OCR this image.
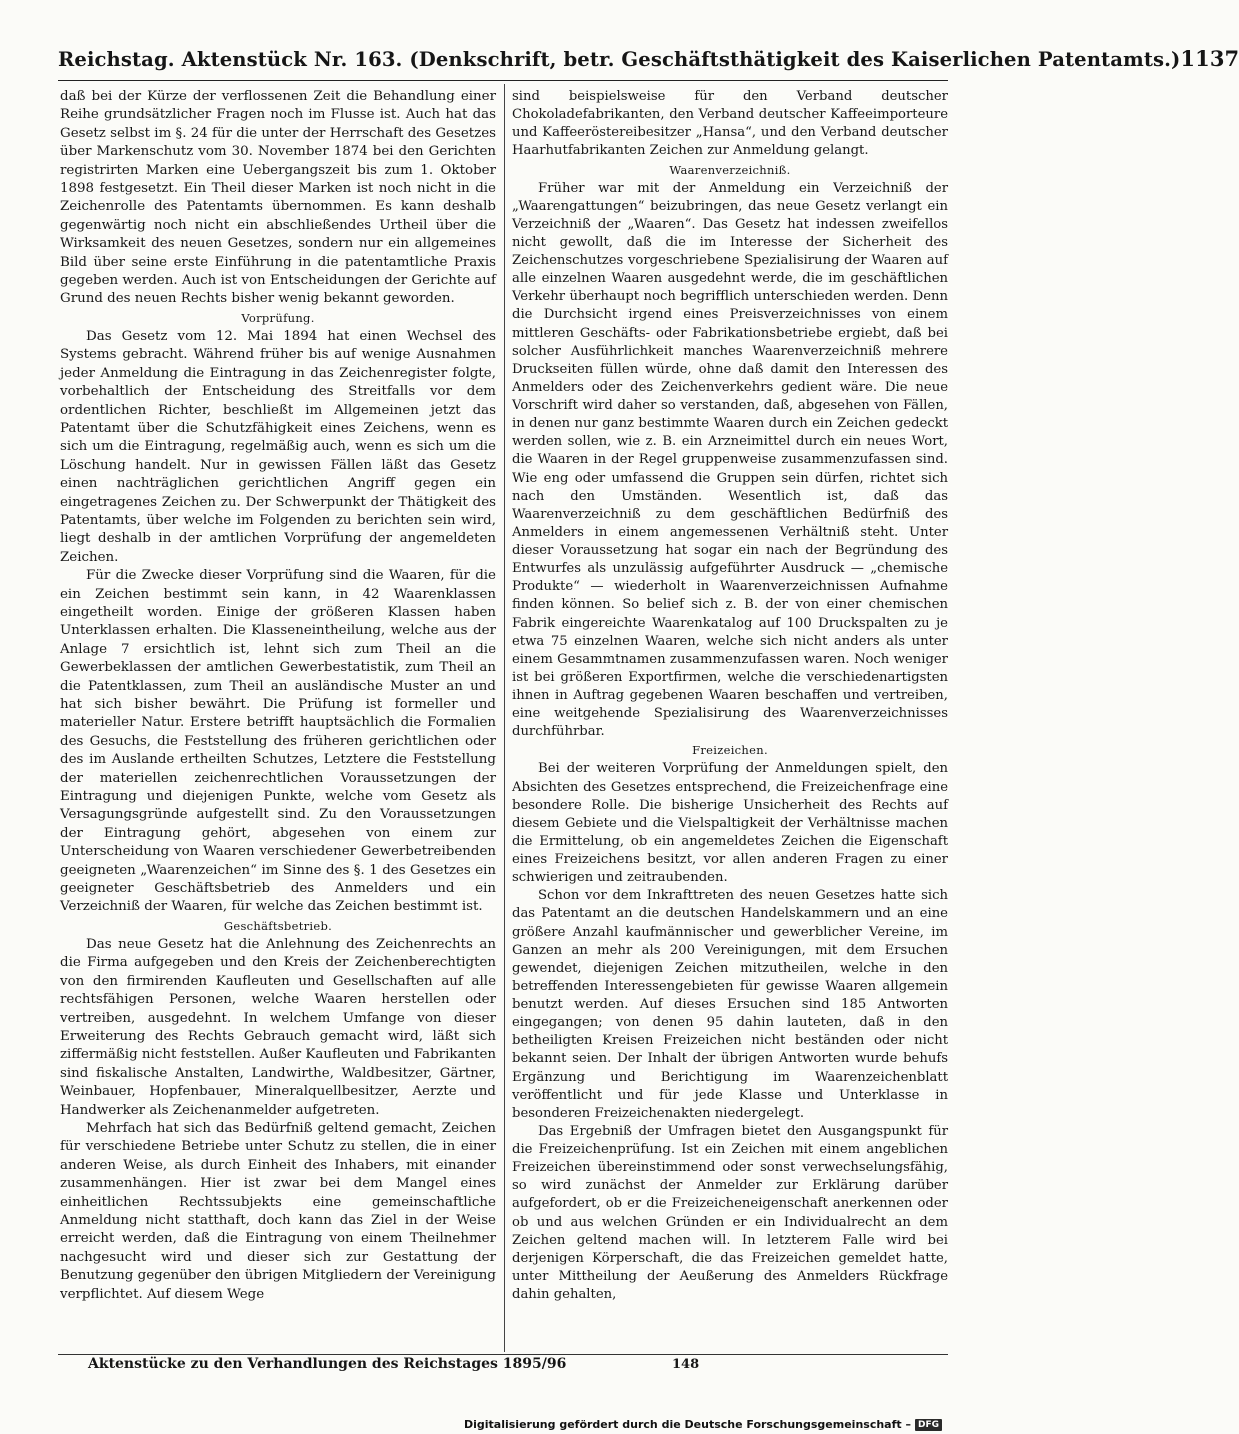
Reichstag. Aktenstück Nr. 163. (Denkschrift, betr. Geschäftsthätigkeit des Kaiserlichen Patentamts.) 1137

daß bei der Kürze der verflossenen Zeit die Behandlung einer Reihe grundsätzlicher Fragen noch im Flusse ist. Auch hat das Gesetz selbst im §. 24 für die unter der Herrschaft des Gesetzes über Markenschutz vom 30. November 1874 bei den Gerichten registrirten Marken eine Uebergangszeit bis zum 1. Oktober 1898 festgesetzt. Ein Theil dieser Marken ist noch nicht in die Zeichenrolle des Patentamts übernommen. Es kann deshalb gegenwärtig noch nicht ein abschließendes Urtheil über die Wirksamkeit des neuen Gesetzes, sondern nur ein allgemeines Bild über seine erste Einführung in die patentamtliche Praxis gegeben werden. Auch ist von Entscheidungen der Gerichte auf Grund des neuen Rechts bisher wenig bekannt geworden.

Vorprüfung.

Das Gesetz vom 12. Mai 1894 hat einen Wechsel des Systems gebracht. Während früher bis auf wenige Ausnahmen jeder Anmeldung die Eintragung in das Zeichenregister folgte, vorbehaltlich der Entscheidung des Streitfalls vor dem ordentlichen Richter, beschließt im Allgemeinen jetzt das Patentamt über die Schutzfähigkeit eines Zeichens, wenn es sich um die Eintragung, regelmäßig auch, wenn es sich um die Löschung handelt. Nur in gewissen Fällen läßt das Gesetz einen nachträglichen gerichtlichen Angriff gegen ein eingetragenes Zeichen zu. Der Schwerpunkt der Thätigkeit des Patentamts, über welche im Folgenden zu berichten sein wird, liegt deshalb in der amtlichen Vorprüfung der angemeldeten Zeichen.

Für die Zwecke dieser Vorprüfung sind die Waaren, für die ein Zeichen bestimmt sein kann, in 42 Waarenklassen eingetheilt worden. Einige der größeren Klassen haben Unterklassen erhalten. Die Klasseneintheilung, welche aus der Anlage 7 ersichtlich ist, lehnt sich zum Theil an die Gewerbeklassen der amtlichen Gewerbestatistik, zum Theil an die Patentklassen, zum Theil an ausländische Muster an und hat sich bisher bewährt. Die Prüfung ist formeller und materieller Natur. Erstere betrifft hauptsächlich die Formalien des Gesuchs, die Feststellung des früheren gerichtlichen oder des im Auslande ertheilten Schutzes, Letztere die Feststellung der materiellen zeichenrechtlichen Voraussetzungen der Eintragung und diejenigen Punkte, welche vom Gesetz als Versagungsgründe aufgestellt sind. Zu den Voraussetzungen der Eintragung gehört, abgesehen von einem zur Unterscheidung von Waaren verschiedener Gewerbetreibenden geeigneten „Waarenzeichen“ im Sinne des §. 1 des Gesetzes ein geeigneter Geschäftsbetrieb des Anmelders und ein Verzeichniß der Waaren, für welche das Zeichen bestimmt ist.

Geschäftsbetrieb.

Das neue Gesetz hat die Anlehnung des Zeichenrechts an die Firma aufgegeben und den Kreis der Zeichenberechtigten von den firmirenden Kaufleuten und Gesellschaften auf alle rechtsfähigen Personen, welche Waaren herstellen oder vertreiben, ausgedehnt. In welchem Umfange von dieser Erweiterung des Rechts Gebrauch gemacht wird, läßt sich ziffermäßig nicht feststellen. Außer Kaufleuten und Fabrikanten sind fiskalische Anstalten, Landwirthe, Waldbesitzer, Gärtner, Weinbauer, Hopfenbauer, Mineralquellbesitzer, Aerzte und Handwerker als Zeichenanmelder aufgetreten.

Mehrfach hat sich das Bedürfniß geltend gemacht, Zeichen für verschiedene Betriebe unter Schutz zu stellen, die in einer anderen Weise, als durch Einheit des Inhabers, mit einander zusammenhängen. Hier ist zwar bei dem Mangel eines einheitlichen Rechtssubjekts eine gemeinschaftliche Anmeldung nicht statthaft, doch kann das Ziel in der Weise erreicht werden, daß die Eintragung von einem Theilnehmer nachgesucht wird und dieser sich zur Gestattung der Benutzung gegenüber den übrigen Mitgliedern der Vereinigung verpflichtet. Auf diesem Wege

sind beispielsweise für den Verband deutscher Chokoladefabrikanten, den Verband deutscher Kaffeeimporteure und Kaffeeröstereibesitzer „Hansa“, und den Verband deutscher Haarhutfabrikanten Zeichen zur Anmeldung gelangt.

Waarenverzeichniß.

Früher war mit der Anmeldung ein Verzeichniß der „Waarengattungen“ beizubringen, das neue Gesetz verlangt ein Verzeichniß der „Waaren“. Das Gesetz hat indessen zweifellos nicht gewollt, daß die im Interesse der Sicherheit des Zeichenschutzes vorgeschriebene Spezialisirung der Waaren auf alle einzelnen Waaren ausgedehnt werde, die im geschäftlichen Verkehr überhaupt noch begrifflich unterschieden werden. Denn die Durchsicht irgend eines Preisverzeichnisses von einem mittleren Geschäfts- oder Fabrikationsbetriebe ergiebt, daß bei solcher Ausführlichkeit manches Waarenverzeichniß mehrere Druckseiten füllen würde, ohne daß damit den Interessen des Anmelders oder des Zeichenverkehrs gedient wäre. Die neue Vorschrift wird daher so verstanden, daß, abgesehen von Fällen, in denen nur ganz bestimmte Waaren durch ein Zeichen gedeckt werden sollen, wie z. B. ein Arzneimittel durch ein neues Wort, die Waaren in der Regel gruppenweise zusammenzufassen sind. Wie eng oder umfassend die Gruppen sein dürfen, richtet sich nach den Umständen. Wesentlich ist, daß das Waarenverzeichniß zu dem geschäftlichen Bedürfniß des Anmelders in einem angemessenen Verhältniß steht. Unter dieser Voraussetzung hat sogar ein nach der Begründung des Entwurfes als unzulässig aufgeführter Ausdruck — „chemische Produkte“ — wiederholt in Waarenverzeichnissen Aufnahme finden können. So belief sich z. B. der von einer chemischen Fabrik eingereichte Waarenkatalog auf 100 Druckspalten zu je etwa 75 einzelnen Waaren, welche sich nicht anders als unter einem Gesammtnamen zusammenzufassen waren. Noch weniger ist bei größeren Exportfirmen, welche die verschiedenartigsten ihnen in Auftrag gegebenen Waaren beschaffen und vertreiben, eine weitgehende Spezialisirung des Waarenverzeichnisses durchführbar.

Freizeichen.

Bei der weiteren Vorprüfung der Anmeldungen spielt, den Absichten des Gesetzes entsprechend, die Freizeichenfrage eine besondere Rolle. Die bisherige Unsicherheit des Rechts auf diesem Gebiete und die Vielspaltigkeit der Verhältnisse machen die Ermittelung, ob ein angemeldetes Zeichen die Eigenschaft eines Freizeichens besitzt, vor allen anderen Fragen zu einer schwierigen und zeitraubenden.

Schon vor dem Inkrafttreten des neuen Gesetzes hatte sich das Patentamt an die deutschen Handelskammern und an eine größere Anzahl kaufmännischer und gewerblicher Vereine, im Ganzen an mehr als 200 Vereinigungen, mit dem Ersuchen gewendet, diejenigen Zeichen mitzutheilen, welche in den betreffenden Interessengebieten für gewisse Waaren allgemein benutzt werden. Auf dieses Ersuchen sind 185 Antworten eingegangen; von denen 95 dahin lauteten, daß in den betheiligten Kreisen Freizeichen nicht beständen oder nicht bekannt seien. Der Inhalt der übrigen Antworten wurde behufs Ergänzung und Berichtigung im Waarenzeichenblatt veröffentlicht und für jede Klasse und Unterklasse in besonderen Freizeichenakten niedergelegt.

Das Ergebniß der Umfragen bietet den Ausgangspunkt für die Freizeichenprüfung. Ist ein Zeichen mit einem angeblichen Freizeichen übereinstimmend oder sonst verwechselungsfähig, so wird zunächst der Anmelder zur Erklärung darüber aufgefordert, ob er die Freizeicheneigenschaft anerkennen oder ob und aus welchen Gründen er ein Individualrecht an dem Zeichen geltend machen will. In letzterem Falle wird bei derjenigen Körperschaft, die das Freizeichen gemeldet hatte, unter Mittheilung der Aeußerung des Anmelders Rückfrage dahin gehalten,

Aktenstücke zu den Verhandlungen des Reichstages 1895/96	148
Digitalisierung gefördert durch die Deutsche Forschungsgemeinschaft – DFG
